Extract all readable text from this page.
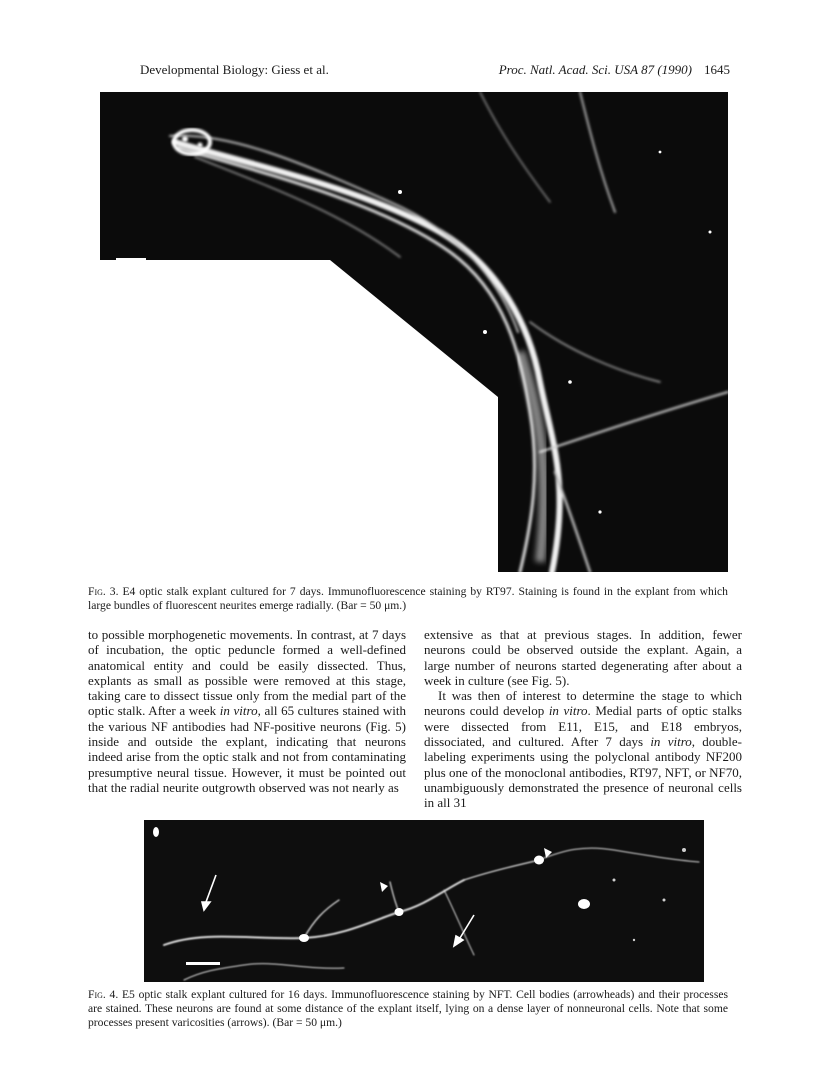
Developmental Biology: Giess et al.	Proc. Natl. Acad. Sci. USA 87 (1990) 1645
Fig. 3. E4 optic stalk explant cultured for 7 days. Immunofluorescence staining by RT97. Staining is found in the explant from which large bundles of fluorescent neurites emerge radially. (Bar = 50 μm.)

to possible morphogenetic movements. In contrast, at 7 days of incubation, the optic peduncle formed a well-defined anatomical entity and could be easily dissected. Thus, explants as small as possible were removed at this stage, taking care to dissect tissue only from the medial part of the optic stalk. After a week in vitro, all 65 cultures stained with the various NF antibodies had NF-positive neurons (Fig. 5) inside and outside the explant, indicating that neurons indeed arise from the optic stalk and not from contaminating presumptive neural tissue. However, it must be pointed out that the radial neurite outgrowth observed was not nearly as

extensive as that at previous stages. In addition, fewer neurons could be observed outside the explant. Again, a large number of neurons started degenerating after about a week in culture (see Fig. 5).

It was then of interest to determine the stage to which neurons could develop in vitro. Medial parts of optic stalks were dissected from E11, E15, and E18 embryos, dissociated, and cultured. After 7 days in vitro, double-labeling experiments using the polyclonal antibody NF200 plus one of the monoclonal antibodies, RT97, NFT, or NF70, unambiguously demonstrated the presence of neuronal cells in all 31

Fig. 4. E5 optic stalk explant cultured for 16 days. Immunofluorescence staining by NFT. Cell bodies (arrowheads) and their processes are stained. These neurons are found at some distance of the explant itself, lying on a dense layer of nonneuronal cells. Note that some processes present varicosities (arrows). (Bar = 50 μm.)
